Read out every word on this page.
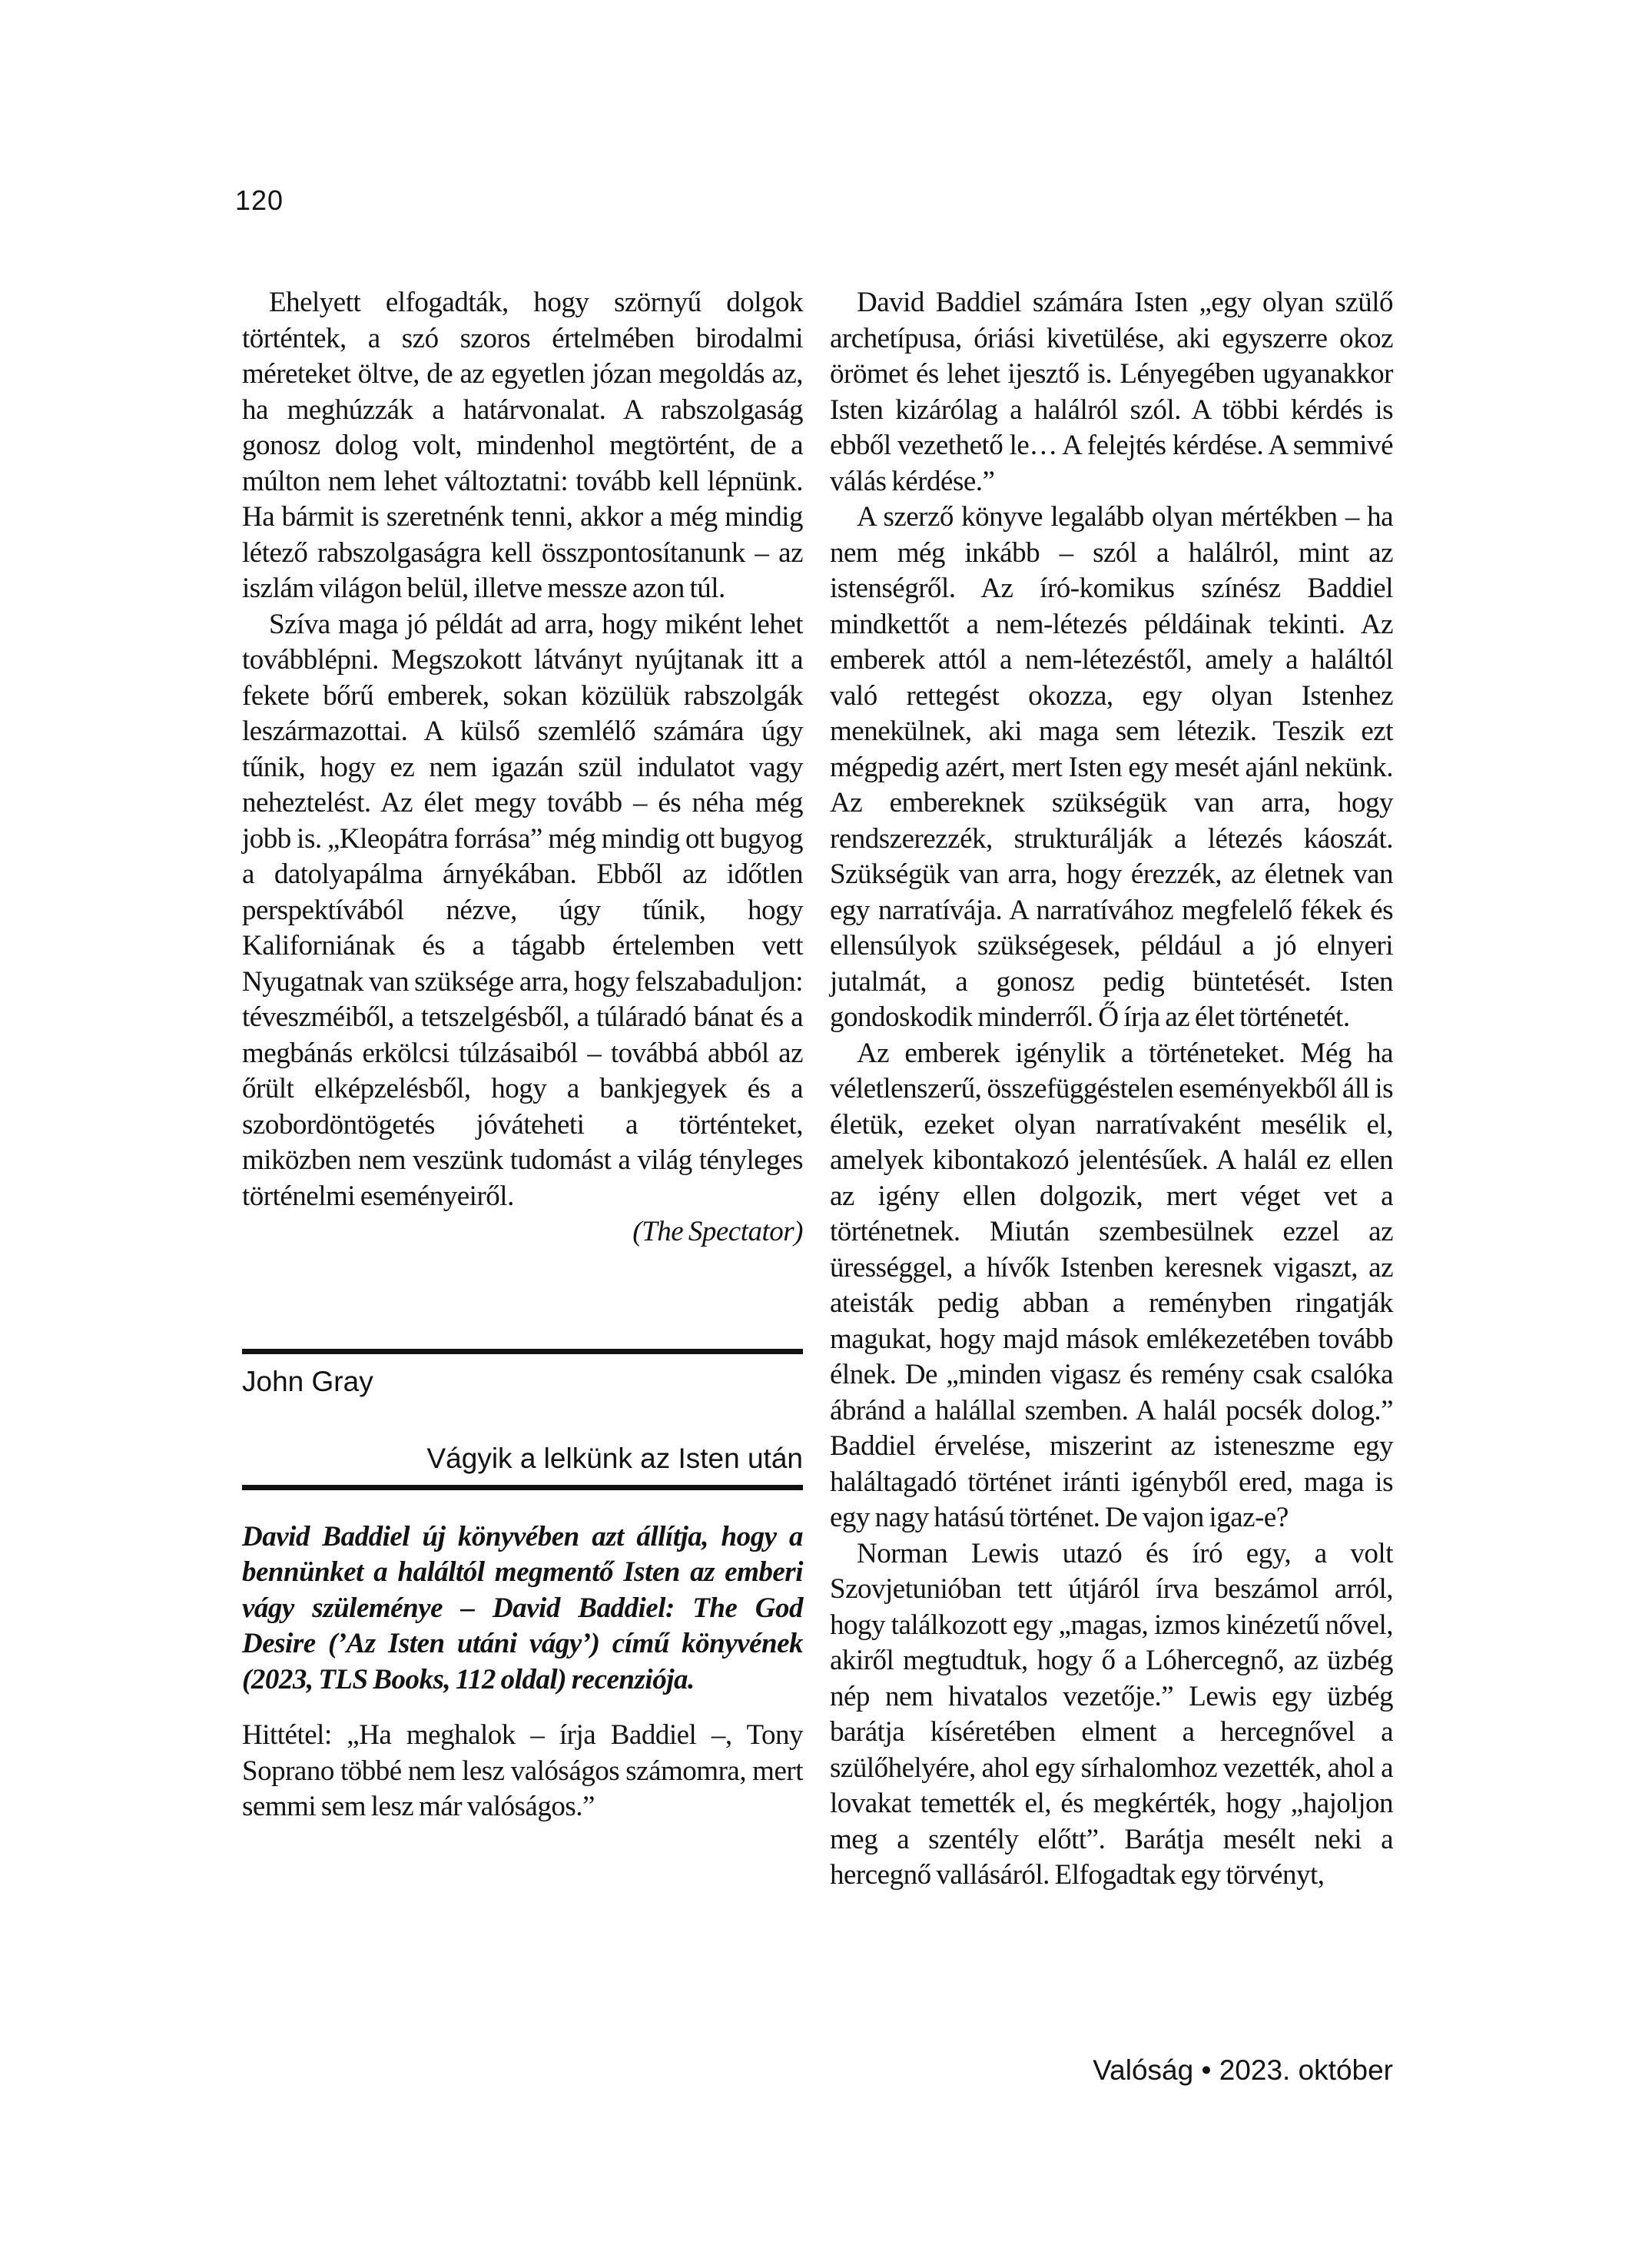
120

Ehelyett elfogadták, hogy szörnyű dolgok történtek, a szó szoros értelmében birodalmi méreteket öltve, de az egyetlen józan megoldás az, ha meghúzzák a határvonalat. A rabszolgaság gonosz dolog volt, mindenhol megtörtént, de a múlton nem lehet változtatni: tovább kell lépnünk. Ha bármit is szeretnénk tenni, akkor a még mindig létező rabszolgaságra kell összpontosítanunk – az iszlám világon belül, illetve messze azon túl.

Szíva maga jó példát ad arra, hogy miként lehet továbblépni. Megszokott látványt nyújtanak itt a fekete bőrű emberek, sokan közülük rabszolgák leszármazottai. A külső szemlélő számára úgy tűnik, hogy ez nem igazán szül indulatot vagy neheztelést. Az élet megy tovább – és néha még jobb is. „Kleopátra forrása” még mindig ott bugyog a datolyapálma árnyékában. Ebből az időtlen perspektívából nézve, úgy tűnik, hogy Kaliforniának és a tágabb értelemben vett Nyugatnak van szüksége arra, hogy felszabaduljon: téveszméiből, a tetszelgésből, a túláradó bánat és a megbánás erkölcsi túlzásaiból – továbbá abból az őrült elképzelésből, hogy a bankjegyek és a szobordöntögetés jóváteheti a történteket, miközben nem veszünk tudomást a világ tényleges történelmi eseményeiről.

(The Spectator)

John Gray
Vágyik a lelkünk az Isten után

David Baddiel új könyvében azt állítja, hogy a bennünket a haláltól megmentő Isten az emberi vágy szüleménye – David Baddiel: The God Desire (’Az Isten utáni vágy’) című könyvének (2023, TLS Books, 112 oldal) recenziója.

Hittétel: „Ha meghalok – írja Baddiel –, Tony Soprano többé nem lesz valóságos számomra, mert semmi sem lesz már valóságos.”

David Baddiel számára Isten „egy olyan szülő archetípusa, óriási kivetülése, aki egyszerre okoz örömet és lehet ijesztő is. Lényegében ugyanakkor Isten kizárólag a halálról szól. A többi kérdés is ebből vezethető le… A felejtés kérdése. A semmivé válás kérdése.”

A szerző könyve legalább olyan mértékben – ha nem még inkább – szól a halálról, mint az istenségről. Az író-komikus színész Baddiel mindkettőt a nem-létezés példáinak tekinti. Az emberek attól a nem-létezéstől, amely a haláltól való rettegést okozza, egy olyan Istenhez menekülnek, aki maga sem létezik. Teszik ezt mégpedig azért, mert Isten egy mesét ajánl nekünk. Az embereknek szükségük van arra, hogy rendszerezzék, strukturálják a létezés káoszát. Szükségük van arra, hogy érezzék, az életnek van egy narratívája. A narratívához megfelelő fékek és ellensúlyok szükségesek, például a jó elnyeri jutalmát, a gonosz pedig büntetését. Isten gondoskodik minderről. Ő írja az élet történetét.

Az emberek igénylik a történeteket. Még ha véletlenszerű, összefüggéstelen eseményekből áll is életük, ezeket olyan narratívaként mesélik el, amelyek kibontakozó jelentésűek. A halál ez ellen az igény ellen dolgozik, mert véget vet a történetnek. Miután szembesülnek ezzel az ürességgel, a hívők Istenben keresnek vigaszt, az ateisták pedig abban a reményben ringatják magukat, hogy majd mások emlékezetében tovább élnek. De „minden vigasz és remény csak csalóka ábránd a halállal szemben. A halál pocsék dolog.” Baddiel érvelése, miszerint az isteneszme egy haláltagadó történet iránti igényből ered, maga is egy nagy hatású történet. De vajon igaz-e?

Norman Lewis utazó és író egy, a volt Szovjetunióban tett útjáról írva beszámol arról, hogy találkozott egy „magas, izmos kinézetű nővel, akiről megtudtuk, hogy ő a Lóhercegnő, az üzbég nép nem hivatalos vezetője.” Lewis egy üzbég barátja kíséretében elment a hercegnővel a szülőhelyére, ahol egy sírhalomhoz vezették, ahol a lovakat temették el, és megkérték, hogy „hajoljon meg a szentély előtt”. Barátja mesélt neki a hercegnő vallásáról. Elfogadtak egy törvényt,

Valóság • 2023. október
